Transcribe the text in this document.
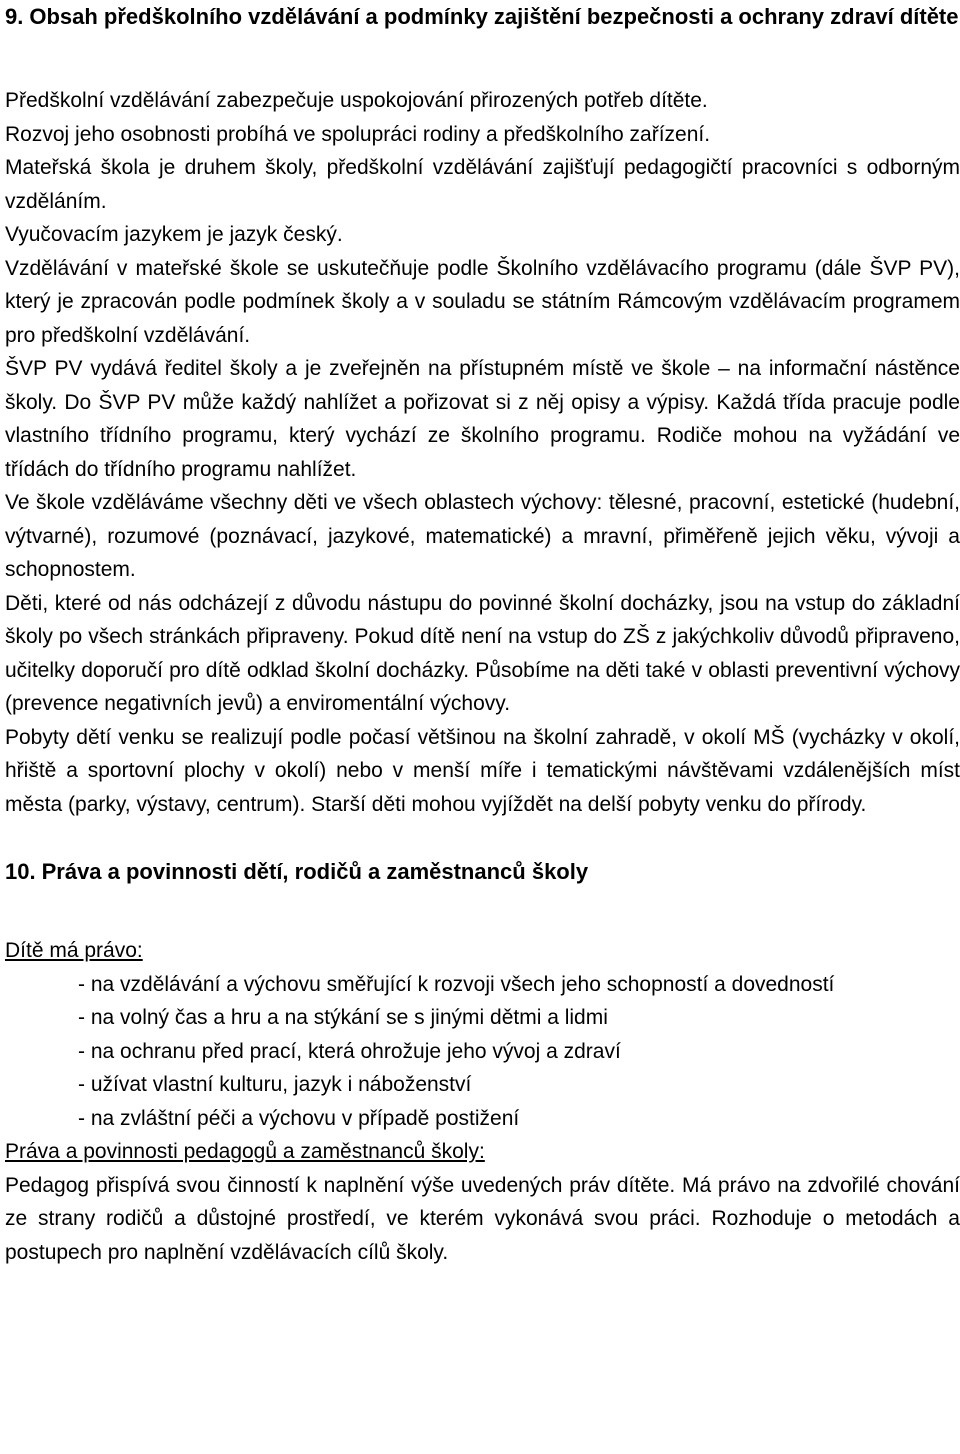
9. Obsah předškolního vzdělávání a podmínky zajištění bezpečnosti a ochrany zdraví dítěte

Předškolní vzdělávání zabezpečuje uspokojování přirozených potřeb dítěte.

Rozvoj jeho osobnosti probíhá ve spolupráci rodiny a předškolního zařízení.

Mateřská škola je druhem školy, předškolní vzdělávání zajišťují pedagogičtí pracovníci s odborným vzděláním.

Vyučovacím jazykem je jazyk český.

Vzdělávání v mateřské škole se uskutečňuje podle Školního vzdělávacího programu (dále ŠVP PV), který je zpracován podle podmínek školy a v souladu se státním Rámcovým vzdělávacím programem pro předškolní vzdělávání.

ŠVP PV vydává ředitel školy a je zveřejněn na přístupném místě ve škole – na informační nástěnce školy. Do ŠVP PV může každý nahlížet a pořizovat si z něj opisy a výpisy. Každá třída pracuje podle vlastního třídního programu, který vychází ze školního programu. Rodiče mohou na vyžádání ve třídách do třídního programu nahlížet.

Ve škole vzděláváme všechny děti ve všech oblastech výchovy: tělesné, pracovní, estetické (hudební, výtvarné), rozumové (poznávací, jazykové, matematické) a mravní, přiměřeně jejich věku, vývoji a schopnostem.

Děti, které od nás odcházejí z důvodu nástupu do povinné školní docházky, jsou na vstup do základní školy po všech stránkách připraveny. Pokud dítě není na vstup do ZŠ z jakýchkoliv důvodů připraveno, učitelky doporučí pro dítě odklad školní docházky. Působíme na děti také v oblasti preventivní výchovy (prevence negativních jevů) a enviromentální výchovy.

Pobyty dětí venku se realizují podle počasí většinou na školní zahradě, v okolí MŠ (vycházky v okolí, hřiště a sportovní plochy v okolí) nebo v menší míře i tematickými návštěvami vzdálenějších míst města (parky, výstavy, centrum). Starší děti mohou vyjíždět na delší pobyty venku do přírody.

10. Práva a povinnosti dětí, rodičů a zaměstnanců školy

Dítě má právo:

- na vzdělávání a výchovu směřující k rozvoji všech jeho schopností a dovedností
- na volný čas a hru a na stýkání se s jinými dětmi a lidmi
- na ochranu před prací, která ohrožuje jeho vývoj a zdraví
- užívat vlastní kulturu, jazyk i náboženství
- na zvláštní péči a výchovu v případě postižení

Práva a povinnosti pedagogů a zaměstnanců školy:

Pedagog přispívá svou činností k naplnění výše uvedených práv dítěte. Má právo na zdvořilé chování ze strany rodičů a důstojné prostředí, ve kterém vykonává svou práci. Rozhoduje o metodách a postupech pro naplnění vzdělávacích cílů školy.
